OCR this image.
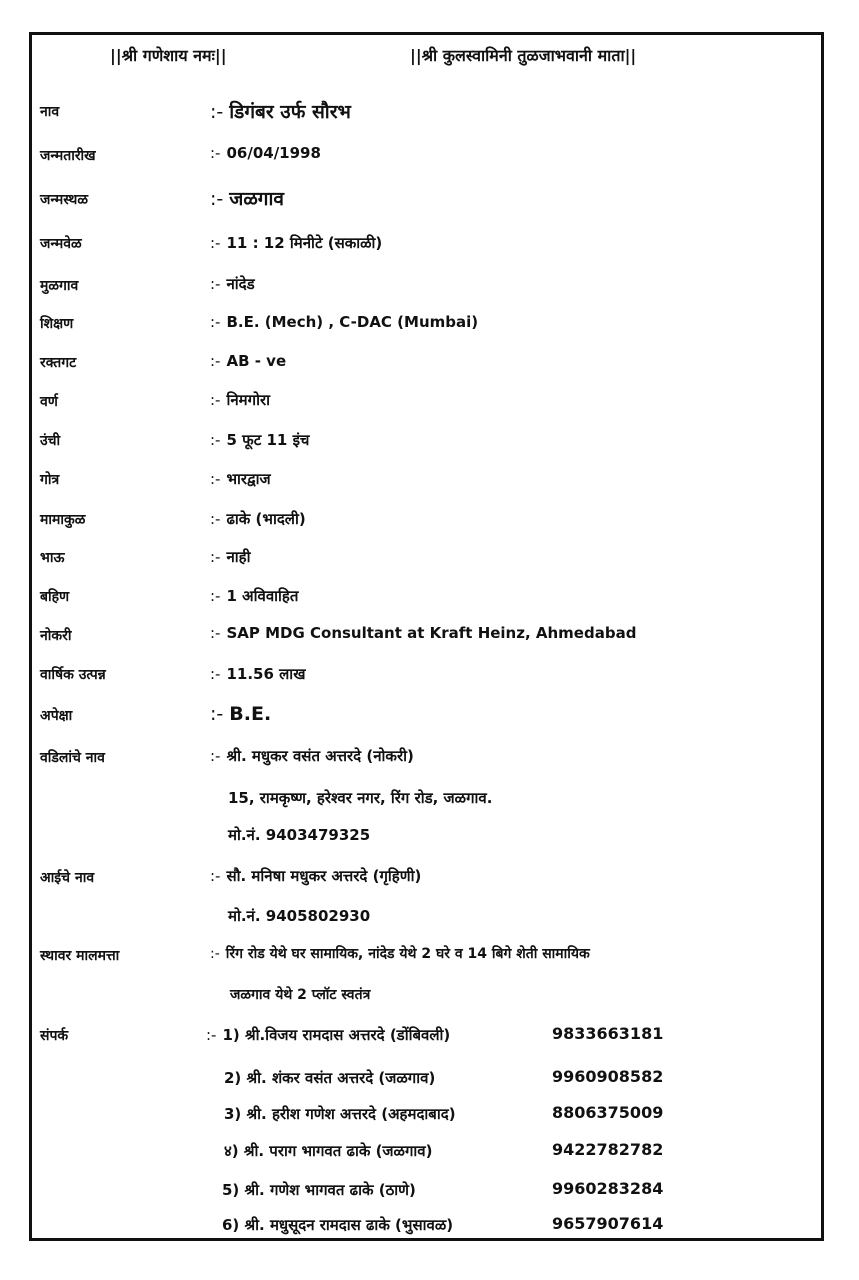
||श्री गणेशाय नमः||	||श्री कुलस्वामिनी तुळजाभवानी माता||
नाव	:- डिगंबर उर्फ सौरभ
जन्मतारीख	:- 06/04/1998
जन्मस्थळ	:- जळगाव
जन्मवेळ	:- 11 : 12 मिनीटे (सकाळी)
मुळगाव	:- नांदेड
शिक्षण	:- B.E. (Mech) , C-DAC (Mumbai)
रक्तगट	:- AB - ve
वर्ण	:- निमगोरा
उंची	:- 5 फूट 11 इंच
गोत्र	:- भारद्वाज
मामाकुळ	:- ढाके (भादली)
भाऊ	:- नाही
बहिण	:- 1 अविवाहित
नोकरी	:- SAP MDG Consultant at Kraft Heinz, Ahmedabad
वार्षिक उत्पन्न	:- 11.56 लाख
अपेक्षा	:- B.E.
वडिलांचे नाव	:- श्री. मधुकर वसंत अत्तरदे (नोकरी)
15, रामकृष्ण, हरेश्वर नगर, रिंग रोड, जळगाव.
मो.नं. 9403479325
आईचे नाव	:- सौ. मनिषा मधुकर अत्तरदे (गृहिणी)
मो.नं. 9405802930
स्थावर मालमत्ता	:- रिंग रोड येथे घर सामायिक, नांदेड येथे 2 घरे व 14 बिगे शेती सामायिक
जळगाव येथे 2 प्लॉट स्वतंत्र
संपर्क	:- 1) श्री.विजय रामदास अत्तरदे (डोंबिवली)	9833663181
2) श्री. शंकर वसंत अत्तरदे (जळगाव)	9960908582
3) श्री. हरीश गणेश अत्तरदे (अहमदाबाद)	8806375009
४) श्री. पराग भागवत ढाके (जळगाव)	9422782782
5) श्री. गणेश भागवत ढाके (ठाणे)	9960283284
6) श्री. मधुसूदन रामदास ढाके (भुसावळ)	9657907614
